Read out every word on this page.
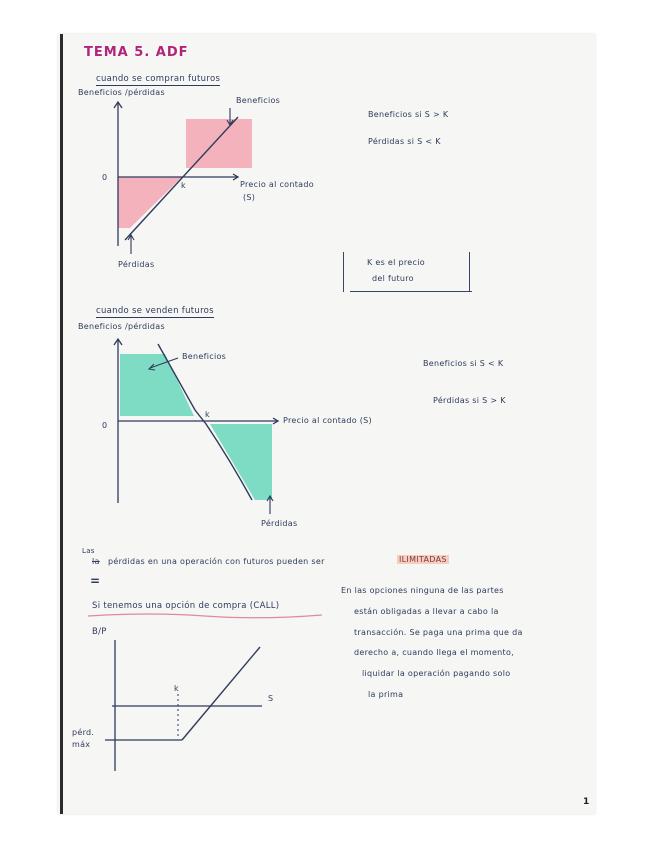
TEMA 5. ADF
cuando se compran futuros
Beneficios /pérdidas
Beneficios
0
k	Precio al contado
(S)
Pérdidas
Beneficios si S > K
Pérdidas si S < K
K es el precio
del futuro
cuando se venden futuros
Beneficios /pérdidas
Beneficios
0
k
Precio al contado (S)
Pérdidas
Beneficios si S < K
Pérdidas si S > K
Las
la pérdidas en una operación con futuros pueden ser	ILIMITADAS
=
Si tenemos una opción de compra (CALL)
B/P
k
S
pérd.
máx
En las opciones ninguna de las partes
están obligadas a llevar a cabo la
transacción. Se paga una prima que da
derecho a, cuando llega el momento,
liquidar la operación pagando solo
la prima
1
